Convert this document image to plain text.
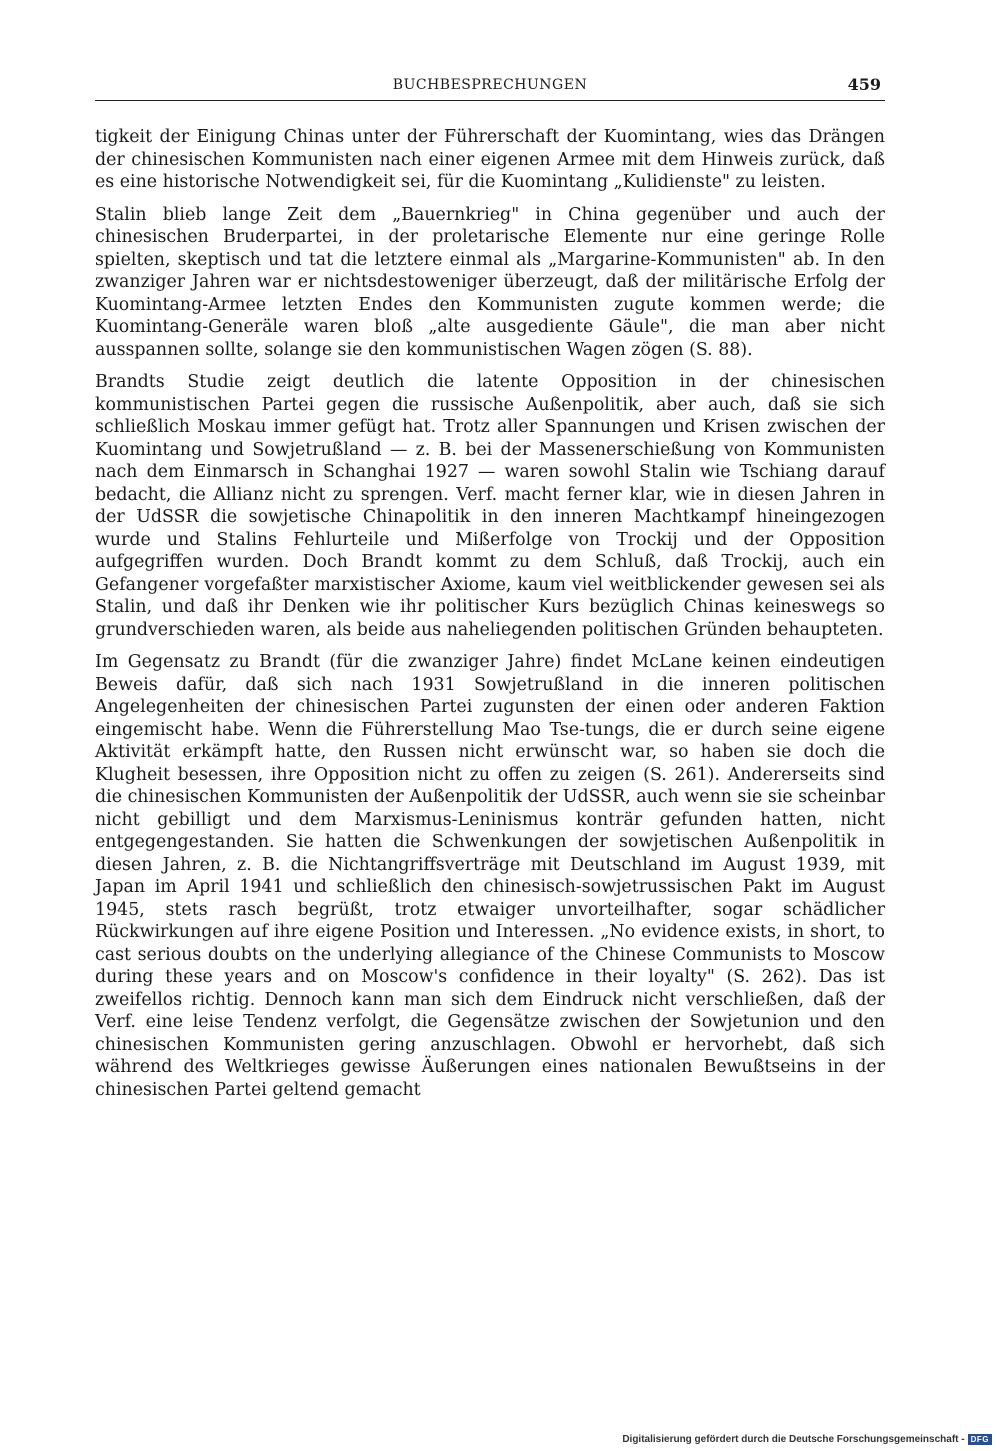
BUCHBESPRECHUNGEN	459

tigkeit der Einigung Chinas unter der Führerschaft der Kuomintang, wies das Drängen der chinesischen Kommunisten nach einer eigenen Armee mit dem Hinweis zurück, daß es eine historische Notwendigkeit sei, für die Kuomintang „Kulidienste" zu leisten.

Stalin blieb lange Zeit dem „Bauernkrieg" in China gegenüber und auch der chinesischen Bruderpartei, in der proletarische Elemente nur eine geringe Rolle spielten, skeptisch und tat die letztere einmal als „Margarine-Kommunisten" ab. In den zwanziger Jahren war er nichtsdestoweniger überzeugt, daß der militärische Erfolg der Kuomintang-Armee letzten Endes den Kommunisten zugute kommen werde; die Kuomintang-Generäle waren bloß „alte ausgediente Gäule", die man aber nicht ausspannen sollte, solange sie den kommunistischen Wagen zögen (S. 88).

Brandts Studie zeigt deutlich die latente Opposition in der chinesischen kommunistischen Partei gegen die russische Außenpolitik, aber auch, daß sie sich schließlich Moskau immer gefügt hat. Trotz aller Spannungen und Krisen zwischen der Kuomintang und Sowjetrußland — z. B. bei der Massenerschießung von Kommunisten nach dem Einmarsch in Schanghai 1927 — waren sowohl Stalin wie Tschiang darauf bedacht, die Allianz nicht zu sprengen. Verf. macht ferner klar, wie in diesen Jahren in der UdSSR die sowjetische Chinapolitik in den inneren Machtkampf hineingezogen wurde und Stalins Fehlurteile und Mißerfolge von Trockij und der Opposition aufgegriffen wurden. Doch Brandt kommt zu dem Schluß, daß Trockij, auch ein Gefangener vorgefaßter marxistischer Axiome, kaum viel weitblickender gewesen sei als Stalin, und daß ihr Denken wie ihr politischer Kurs bezüglich Chinas keineswegs so grundverschieden waren, als beide aus naheliegenden politischen Gründen behaupteten.

Im Gegensatz zu Brandt (für die zwanziger Jahre) findet McLane keinen eindeutigen Beweis dafür, daß sich nach 1931 Sowjetrußland in die inneren politischen Angelegenheiten der chinesischen Partei zugunsten der einen oder anderen Faktion eingemischt habe. Wenn die Führerstellung Mao Tse-tungs, die er durch seine eigene Aktivität erkämpft hatte, den Russen nicht erwünscht war, so haben sie doch die Klugheit besessen, ihre Opposition nicht zu offen zu zeigen (S. 261). Andererseits sind die chinesischen Kommunisten der Außenpolitik der UdSSR, auch wenn sie sie scheinbar nicht gebilligt und dem Marxismus-Leninismus konträr gefunden hatten, nicht entgegengestanden. Sie hatten die Schwenkungen der sowjetischen Außenpolitik in diesen Jahren, z. B. die Nichtangriffsverträge mit Deutschland im August 1939, mit Japan im April 1941 und schließlich den chinesisch-sowjetrussischen Pakt im August 1945, stets rasch begrüßt, trotz etwaiger unvorteilhafter, sogar schädlicher Rückwirkungen auf ihre eigene Position und Interessen. „No evidence exists, in short, to cast serious doubts on the underlying allegiance of the Chinese Communists to Moscow during these years and on Moscow's confidence in their loyalty" (S. 262). Das ist zweifellos richtig. Dennoch kann man sich dem Eindruck nicht verschließen, daß der Verf. eine leise Tendenz verfolgt, die Gegensätze zwischen der Sowjetunion und den chinesischen Kommunisten gering anzuschlagen. Obwohl er hervorhebt, daß sich während des Weltkrieges gewisse Äußerungen eines nationalen Bewußtseins in der chinesischen Partei geltend gemacht

Digitalisierung gefördert durch die Deutsche Forschungsgemeinschaft - DFG
